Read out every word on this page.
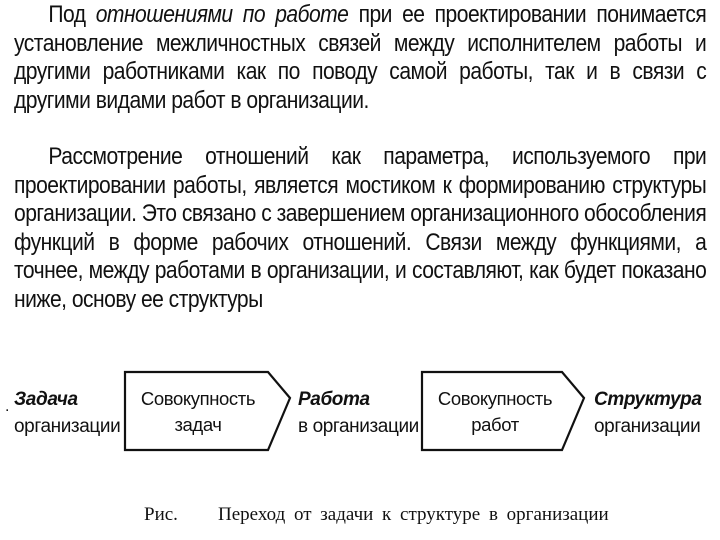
Под отношениями по работе при ее проектировании понимается установление межличностных связей между исполнителем работы и другими работниками как по поводу самой работы, так и в связи с другими видами работ в организации.
Рассмотрение отношений как параметра, используемого при проектировании работы, является мостиком к формированию структуры организации. Это связано с завершением организационного обособления функций в форме рабочих отношений. Связи между функциями, а точнее, между работами в организации, и составляют, как будет показано ниже, основу ее структуры
. Задача
организации
Совокупность
задач
Работа
в организации
Совокупность
работ
Структура
организации
Рис. Переход от задачи к структуре в организации
